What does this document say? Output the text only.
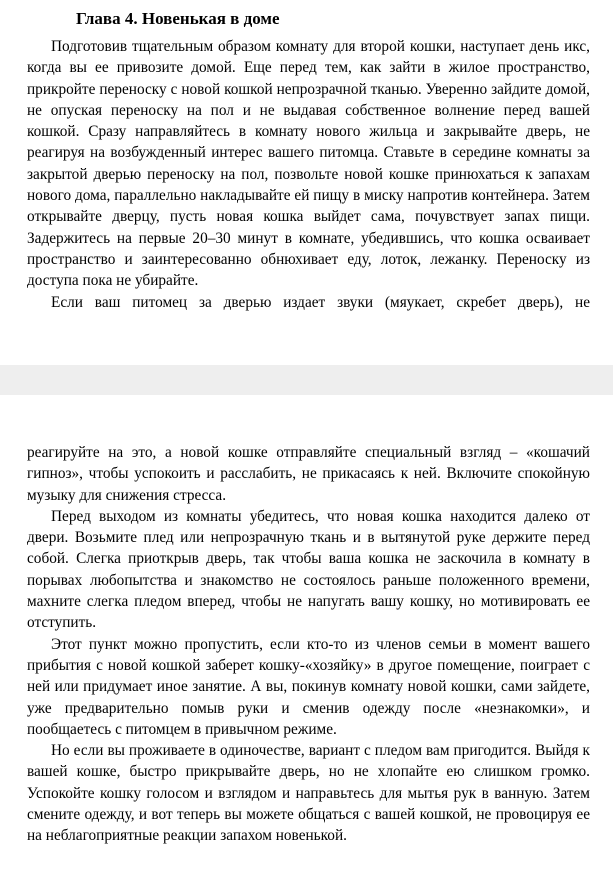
Глава 4. Новенькая в доме

Подготовив тщательным образом комнату для второй кошки, наступает день икс, когда вы ее привозите домой. Еще перед тем, как зайти в жилое пространство, прикройте переноску с новой кошкой непрозрачной тканью. Уверенно зайдите домой, не опуская переноску на пол и не выдавая собственное волнение перед вашей кошкой. Сразу направляйтесь в комнату нового жильца и закрывайте дверь, не реагируя на возбужденный интерес вашего питомца. Ставьте в середине комнаты за закрытой дверью переноску на пол, позвольте новой кошке принюхаться к запахам нового дома, параллельно накладывайте ей пищу в миску напротив контейнера. Затем открывайте дверцу, пусть новая кошка выйдет сама, почувствует запах пищи. Задержитесь на первые 20–30 минут в комнате, убедившись, что кошка осваивает пространство и заинтересованно обнюхивает еду, лоток, лежанку. Переноску из доступа пока не убирайте.

Если ваш питомец за дверью издает звуки (мяукает, скребет дверь), не

реагируйте на это, а новой кошке отправляйте специальный взгляд – «кошачий гипноз», чтобы успокоить и расслабить, не прикасаясь к ней. Включите спокойную музыку для снижения стресса.

Перед выходом из комнаты убедитесь, что новая кошка находится далеко от двери. Возьмите плед или непрозрачную ткань и в вытянутой руке держите перед собой. Слегка приоткрыв дверь, так чтобы ваша кошка не заскочила в комнату в порывах любопытства и знакомство не состоялось раньше положенного времени, махните слегка пледом вперед, чтобы не напугать вашу кошку, но мотивировать ее отступить.

Этот пункт можно пропустить, если кто-то из членов семьи в момент вашего прибытия с новой кошкой заберет кошку-«хозяйку» в другое помещение, поиграет с ней или придумает иное занятие. А вы, покинув комнату новой кошки, сами зайдете, уже предварительно помыв руки и сменив одежду после «незнакомки», и пообщаетесь с питомцем в привычном режиме.

Но если вы проживаете в одиночестве, вариант с пледом вам пригодится. Выйдя к вашей кошке, быстро прикрывайте дверь, но не хлопайте ею слишком громко. Успокойте кошку голосом и взглядом и направьтесь для мытья рук в ванную. Затем смените одежду, и вот теперь вы можете общаться с вашей кошкой, не провоцируя ее на неблагоприятные реакции запахом новенькой.
